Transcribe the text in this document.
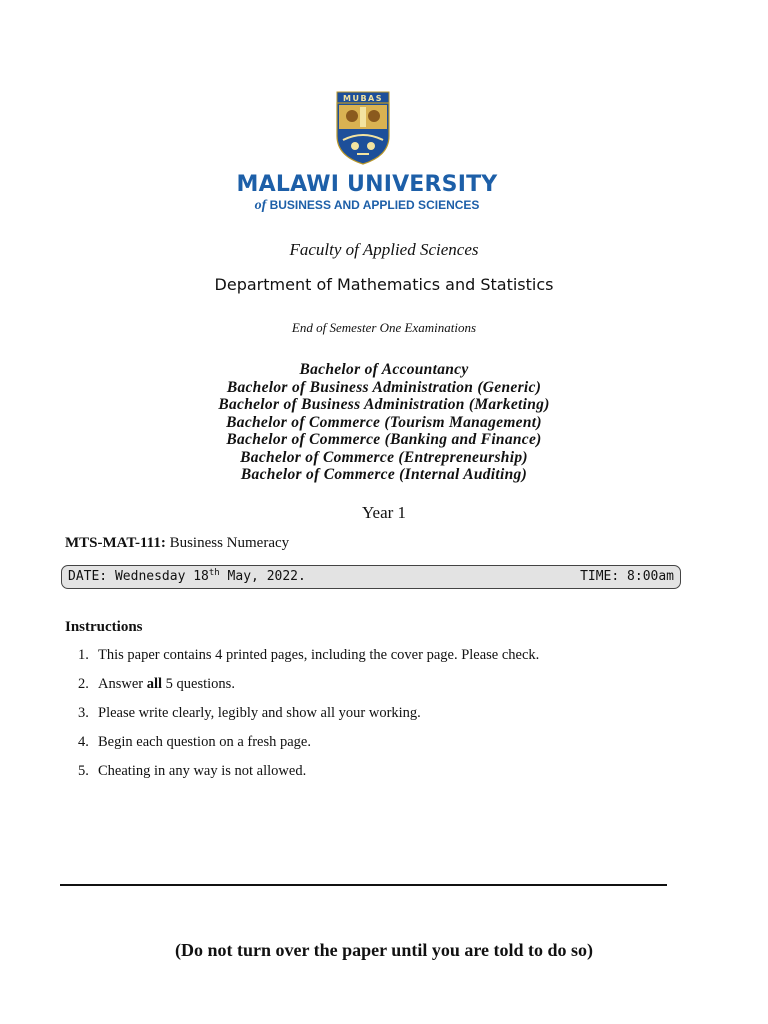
MUBAS
MALAWI UNIVERSITY
of BUSINESS AND APPLIED SCIENCES
Faculty of Applied Sciences
Department of Mathematics and Statistics
End of Semester One Examinations
Bachelor of Accountancy
Bachelor of Business Administration (Generic)
Bachelor of Business Administration (Marketing)
Bachelor of Commerce (Tourism Management)
Bachelor of Commerce (Banking and Finance)
Bachelor of Commerce (Entrepreneurship)
Bachelor of Commerce (Internal Auditing)
Year 1
MTS-MAT-111: Business Numeracy
DATE: Wednesday 18th May, 2022.	TIME: 8:00am
Instructions
1. This paper contains 4 printed pages, including the cover page. Please check.
2. Answer all 5 questions.
3. Please write clearly, legibly and show all your working.
4. Begin each question on a fresh page.
5. Cheating in any way is not allowed.
(Do not turn over the paper until you are told to do so)
